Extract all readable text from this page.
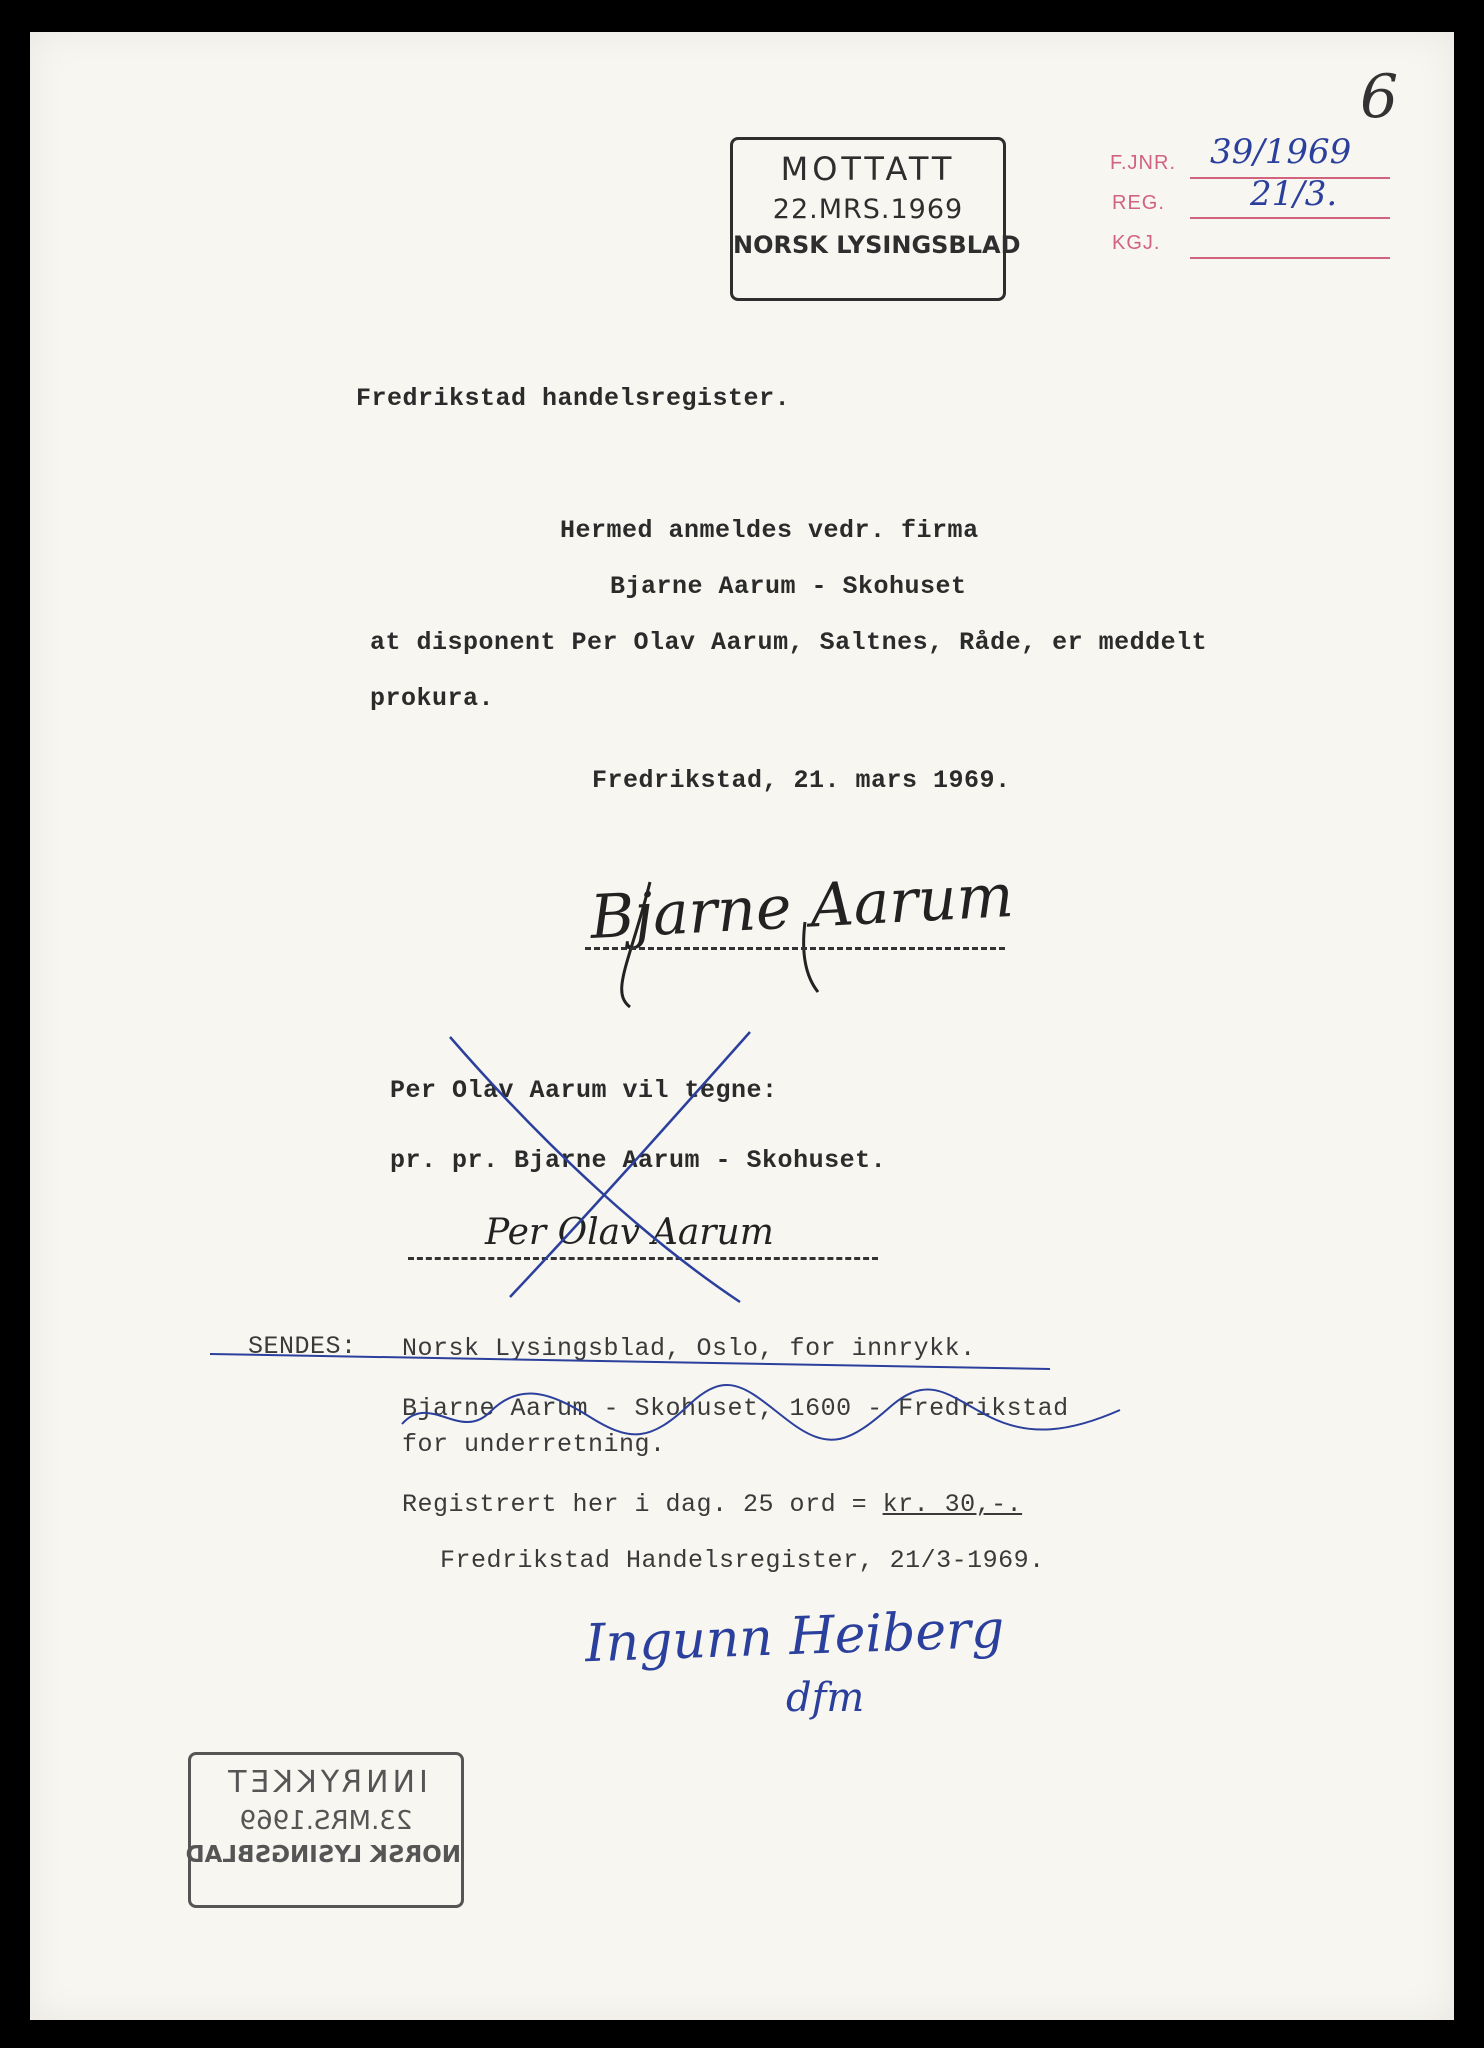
6
MOTTATT
22.MRS.1969
NORSK LYSINGSBLAD
F.JNR. 39/1969
REG.	21/3.
KGJ.
Fredrikstad handelsregister.
Hermed anmeldes vedr. firma
Bjarne Aarum - Skohuset
at disponent Per Olav Aarum, Saltnes, Råde, er meddelt
prokura.
Fredrikstad, 21. mars 1969.
Bjarne Aarum
Per Olav Aarum vil tegne:
pr. pr. Bjarne Aarum - Skohuset.
Per Olav Aarum
SENDES: Norsk Lysingsblad, Oslo, for innrykk.
Bjarne Aarum - Skohuset, 1600 - Fredrikstad
for underretning.
Registrert her i dag. 25 ord = kr. 30,-.
Fredrikstad Handelsregister, 21/3-1969.
Ingunn Heiberg
dfm
INNRYKKET
23.MRS.1969
NORSK LYSINGSBLAD
